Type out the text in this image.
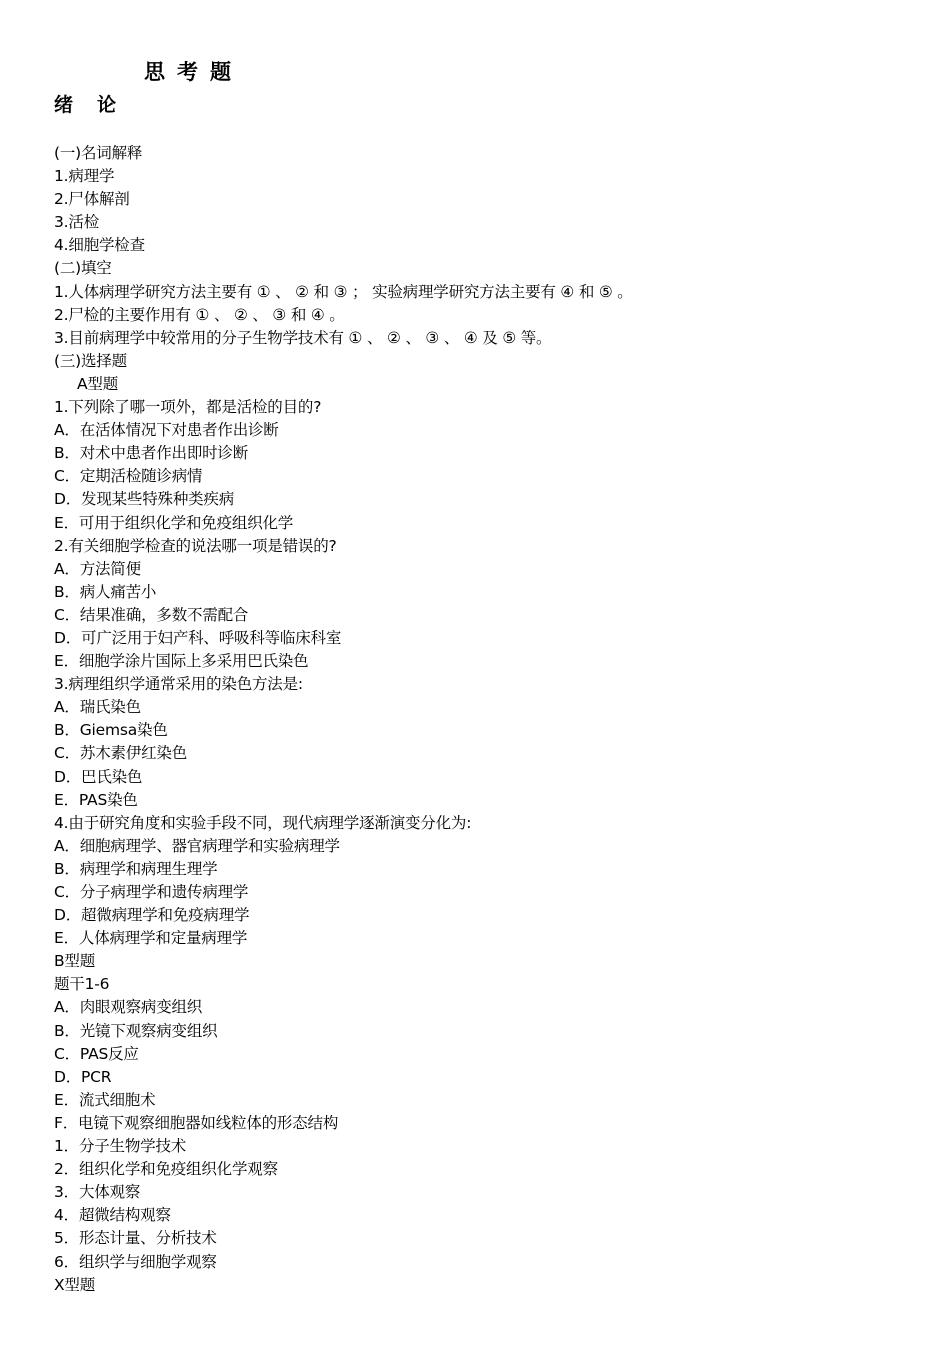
思考题
绪论
(一)名词解释
1.病理学
2.尸体解剖
3.活检
4.细胞学检查
(二)填空
1.人体病理学研究方法主要有 ① 、 ② 和 ③ ； 实验病理学研究方法主要有 ④ 和 ⑤ 。
2.尸检的主要作用有 ① 、 ② 、 ③ 和 ④ 。
3.目前病理学中较常用的分子生物学技术有 ① 、 ② 、 ③ 、 ④ 及 ⑤ 等。
(三)选择题
A型题
1.下列除了哪一项外，都是活检的目的?
A．在活体情况下对患者作出诊断
B．对术中患者作出即时诊断
C．定期活检随诊病情
D．发现某些特殊种类疾病
E．可用于组织化学和免疫组织化学
2.有关细胞学检查的说法哪一项是错误的?
A．方法简便
B．病人痛苦小
C．结果准确，多数不需配合
D．可广泛用于妇产科、呼吸科等临床科室
E．细胞学涂片国际上多采用巴氏染色
3.病理组织学通常采用的染色方法是:
A．瑞氏染色
B．Giemsa染色
C．苏木素伊红染色
D．巴氏染色
E．PAS染色
4.由于研究角度和实验手段不同，现代病理学逐渐演变分化为:
A．细胞病理学、器官病理学和实验病理学
B．病理学和病理生理学
C．分子病理学和遗传病理学
D．超微病理学和免疫病理学
E．人体病理学和定量病理学
B型题
题干1-6
A．肉眼观察病变组织
B．光镜下观察病变组织
C．PAS反应
D．PCR
E．流式细胞术
F．电镜下观察细胞器如线粒体的形态结构
1．分子生物学技术
2．组织化学和免疫组织化学观察
3．大体观察
4．超微结构观察
5．形态计量、分析技术
6．组织学与细胞学观察
X型题
